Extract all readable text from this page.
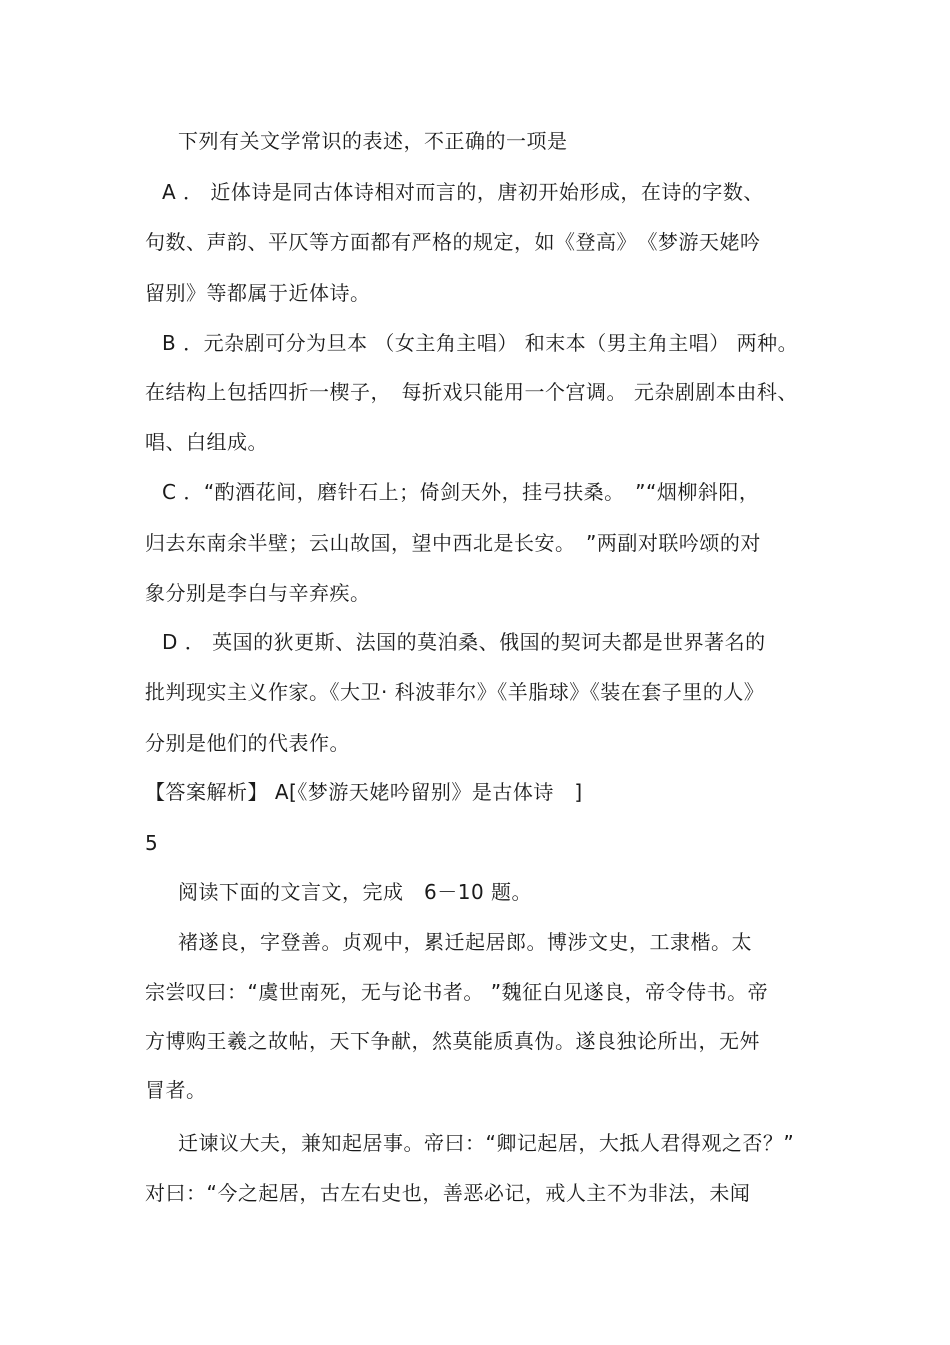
下列有关文学常识的表述，不正确的一项是
A ． 近体诗是同古体诗相对而言的，唐初开始形成，在诗的字数、
句数、声韵、平仄等方面都有严格的规定，如《登高》　《梦游天姥吟
留别》等都属于近体诗。
B ．元杂剧可分为旦本 （女主角主唱） 和末本（男主角主唱） 两种。
在结构上包括四折一楔子，　每折戏只能用一个宫调。 元杂剧剧本由科、
唱、白组成。
C ．“酌酒花间，磨针石上；倚剑天外，挂弓扶桑。　”“烟柳斜阳，
归去东南余半壁；云山故国，望中西北是长安。　”两副对联吟颂的对
象分别是李白与辛弃疾。
D ． 英国的狄更斯、法国的莫泊桑、俄国的契诃夫都是世界著名的
批判现实主义作家。《大卫· 科波菲尔》《羊脂球》《装在套子里的人》
分别是他们的代表作。
【答案解析】 A[《梦游天姥吟留别》是古体诗　]
5
阅读下面的文言文，完成　6－10 题。
褚遂良，字登善。贞观中，累迁起居郎。博涉文史，工隶楷。太
宗尝叹曰：“虞世南死，无与论书者。 ”魏征白见遂良，帝令侍书。帝
方博购王羲之故帖，天下争献，然莫能质真伪。遂良独论所出，无舛
冒者。
迁谏议大夫，兼知起居事。帝曰：“卿记起居，大抵人君得观之否？”
对曰：“今之起居，古左右史也，善恶必记，戒人主不为非法，未闻
